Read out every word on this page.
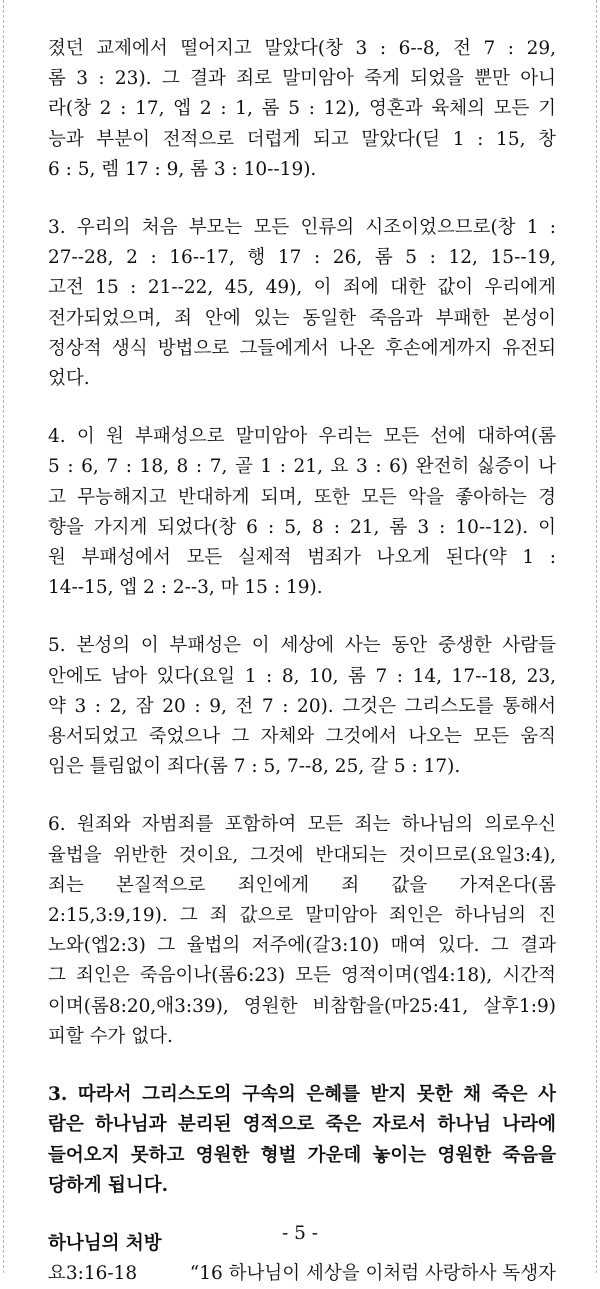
졌던 교제에서 떨어지고 말았다(창 3 : 6--8, 전 7 : 29,
롬 3 : 23). 그 결과 죄로 말미암아 죽게 되었을 뿐만 아니
라(창 2 : 17, 엡 2 : 1, 롬 5 : 12), 영혼과 육체의 모든 기
능과 부분이 전적으로 더럽게 되고 말았다(딛 1 : 15, 창
6 : 5, 렘 17 : 9, 롬 3 : 10--19).
3. 우리의 처음 부모는 모든 인류의 시조이었으므로(창 1 :
27--28, 2 : 16--17, 행 17 : 26, 롬 5 : 12, 15--19,
고전 15 : 21--22, 45, 49), 이 죄에 대한 값이 우리에게
전가되었으며, 죄 안에 있는 동일한 죽음과 부패한 본성이
정상적 생식 방법으로 그들에게서 나온 후손에게까지 유전되
었다.
4. 이 원 부패성으로 말미암아 우리는 모든 선에 대하여(롬
5 : 6, 7 : 18, 8 : 7, 골 1 : 21, 요 3 : 6) 완전히 싫증이 나
고 무능해지고 반대하게 되며, 또한 모든 악을 좋아하는 경
향을 가지게 되었다(창 6 : 5, 8 : 21, 롬 3 : 10--12). 이
원 부패성에서 모든 실제적 범죄가 나오게 된다(약 1 :
14--15, 엡 2 : 2--3, 마 15 : 19).
5. 본성의 이 부패성은 이 세상에 사는 동안 중생한 사람들
안에도 남아 있다(요일 1 : 8, 10, 롬 7 : 14, 17--18, 23,
약 3 : 2, 잠 20 : 9, 전 7 : 20). 그것은 그리스도를 통해서
용서되었고 죽었으나 그 자체와 그것에서 나오는 모든 움직
임은 틀림없이 죄다(롬 7 : 5, 7--8, 25, 갈 5 : 17).
6. 원죄와 자범죄를 포함하여 모든 죄는 하나님의 의로우신
율법을 위반한 것이요, 그것에 반대되는 것이므로(요일3:4),
죄는 본질적으로 죄인에게 죄 값을 가져온다(롬
2:15,3:9,19). 그 죄 값으로 말미암아 죄인은 하나님의 진
노와(엡2:3) 그 율법의 저주에(갈3:10) 매여 있다. 그 결과
그 죄인은 죽음이나(롬6:23) 모든 영적이며(엡4:18), 시간적
이며(롬8:20,애3:39), 영원한 비참함을(마25:41, 살후1:9)
피할 수가 없다.
3. 따라서 그리스도의 구속의 은혜를 받지 못한 채 죽은 사
람은 하나님과 분리된 영적으로 죽은 자로서 하나님 나라에
들어오지 못하고 영원한 형벌 가운데 놓이는 영원한 죽음을
당하게 됩니다.
하나님의 처방
요3:16-18	“16 하나님이 세상을 이처럼 사랑하사 독생자
- 5 -
